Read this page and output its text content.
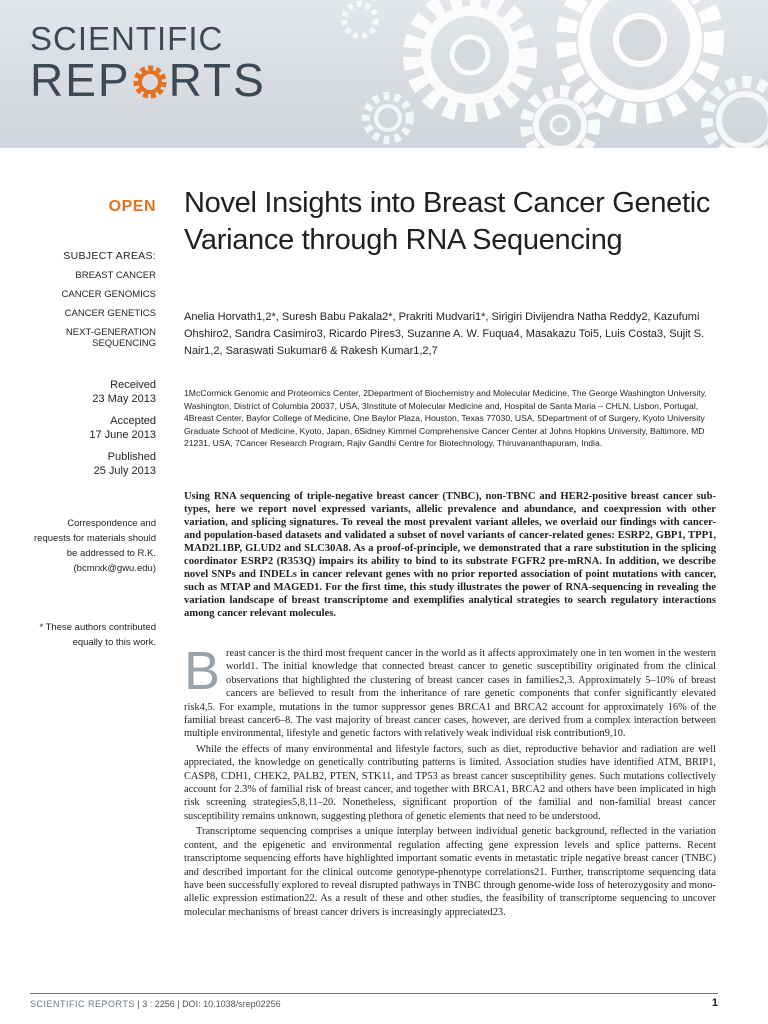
SCIENTIFIC
REP RTS
OPEN
SUBJECT AREAS:
BREAST CANCER
CANCER GENOMICS
CANCER GENETICS
NEXT-GENERATION SEQUENCING
Received
23 May 2013
Accepted
17 June 2013
Published
25 July 2013
Correspondence and requests for materials should be addressed to R.K. (bcmrxk@gwu.edu)
* These authors contributed equally to this work.
Novel Insights into Breast Cancer Genetic Variance through RNA Sequencing
Anelia Horvath1,2*, Suresh Babu Pakala2*, Prakriti Mudvari1*, Sirigiri Divijendra Natha Reddy2, Kazufumi Ohshiro2, Sandra Casimiro3, Ricardo Pires3, Suzanne A. W. Fuqua4, Masakazu Toi5, Luis Costa3, Sujit S. Nair1,2, Saraswati Sukumar6 & Rakesh Kumar1,2,7
1McCormick Genomic and Proteomics Center, 2Department of Biochemistry and Molecular Medicine, The George Washington University, Washington, District of Columbia 20037, USA, 3Institute of Molecular Medicine and, Hospital de Santa Maria – CHLN, Lisbon, Portugal, 4Breast Center, Baylor College of Medicine, One Baylor Plaza, Houston, Texas 77030, USA, 5Department of of Surgery, Kyoto University Graduate School of Medicine, Kyoto, Japan, 6Sidney Kimmel Comprehensive Cancer Center at Johns Hopkins University, Baltimore, MD 21231, USA, 7Cancer Research Program, Rajiv Gandhi Centre for Biotechnology, Thiruvananthapuram, India.
Using RNA sequencing of triple-negative breast cancer (TNBC), non-TBNC and HER2-positive breast cancer sub-types, here we report novel expressed variants, allelic prevalence and abundance, and coexpression with other variation, and splicing signatures. To reveal the most prevalent variant alleles, we overlaid our findings with cancer- and population-based datasets and validated a subset of novel variants of cancer-related genes: ESRP2, GBP1, TPP1, MAD2L1BP, GLUD2 and SLC30A8. As a proof-of-principle, we demonstrated that a rare substitution in the splicing coordinator ESRP2 (R353Q) impairs its ability to bind to its substrate FGFR2 pre-mRNA. In addition, we describe novel SNPs and INDELs in cancer relevant genes with no prior reported association of point mutations with cancer, such as MTAP and MAGED1. For the first time, this study illustrates the power of RNA-sequencing in revealing the variation landscape of breast transcriptome and exemplifies analytical strategies to search regulatory interactions among cancer relevant molecules.

Breast cancer is the third most frequent cancer in the world as it affects approximately one in ten women in the western world1. The initial knowledge that connected breast cancer to genetic susceptibility originated from the clinical observations that highlighted the clustering of breast cancer cases in families2,3. Approximately 5–10% of breast cancers are believed to result from the inheritance of rare genetic components that confer significantly elevated risk4,5. For example, mutations in the tumor suppressor genes BRCA1 and BRCA2 account for approximately 16% of the familial breast cancer6–8. The vast majority of breast cancer cases, however, are derived from a complex interaction between multiple environmental, lifestyle and genetic factors with relatively weak individual risk contribution9,10.

While the effects of many environmental and lifestyle factors, such as diet, reproductive behavior and radiation are well appreciated, the knowledge on genetically contributing patterns is limited. Association studies have identified ATM, BRIP1, CASP8, CDH1, CHEK2, PALB2, PTEN, STK11, and TP53 as breast cancer susceptibility genes. Such mutations collectively account for 2.3% of familial risk of breast cancer, and together with BRCA1, BRCA2 and others have been implicated in high risk screening strategies5,8,11–20. Nonetheless, significant proportion of the familial and non-familial breast cancer susceptibility remains unknown, suggesting plethora of genetic elements that need to be understood.

Transcriptome sequencing comprises a unique interplay between individual genetic background, reflected in the variation content, and the epigenetic and environmental regulation affecting gene expression levels and splice patterns. Recent transcriptome sequencing efforts have highlighted important somatic events in metastatic triple negative breast cancer (TNBC) and described important for the clinical outcome genotype-phenotype correlations21. Further, transcriptome sequencing data have been successfully explored to reveal disrupted pathways in TNBC through genome-wide loss of heterozygosity and mono-allelic expression estimation22. As a result of these and other studies, the feasibility of transcriptome sequencing to uncover molecular mechanisms of breast cancer drivers is increasingly appreciated23.

SCIENTIFIC REPORTS | 3 : 2256 | DOI: 10.1038/srep02256	1
